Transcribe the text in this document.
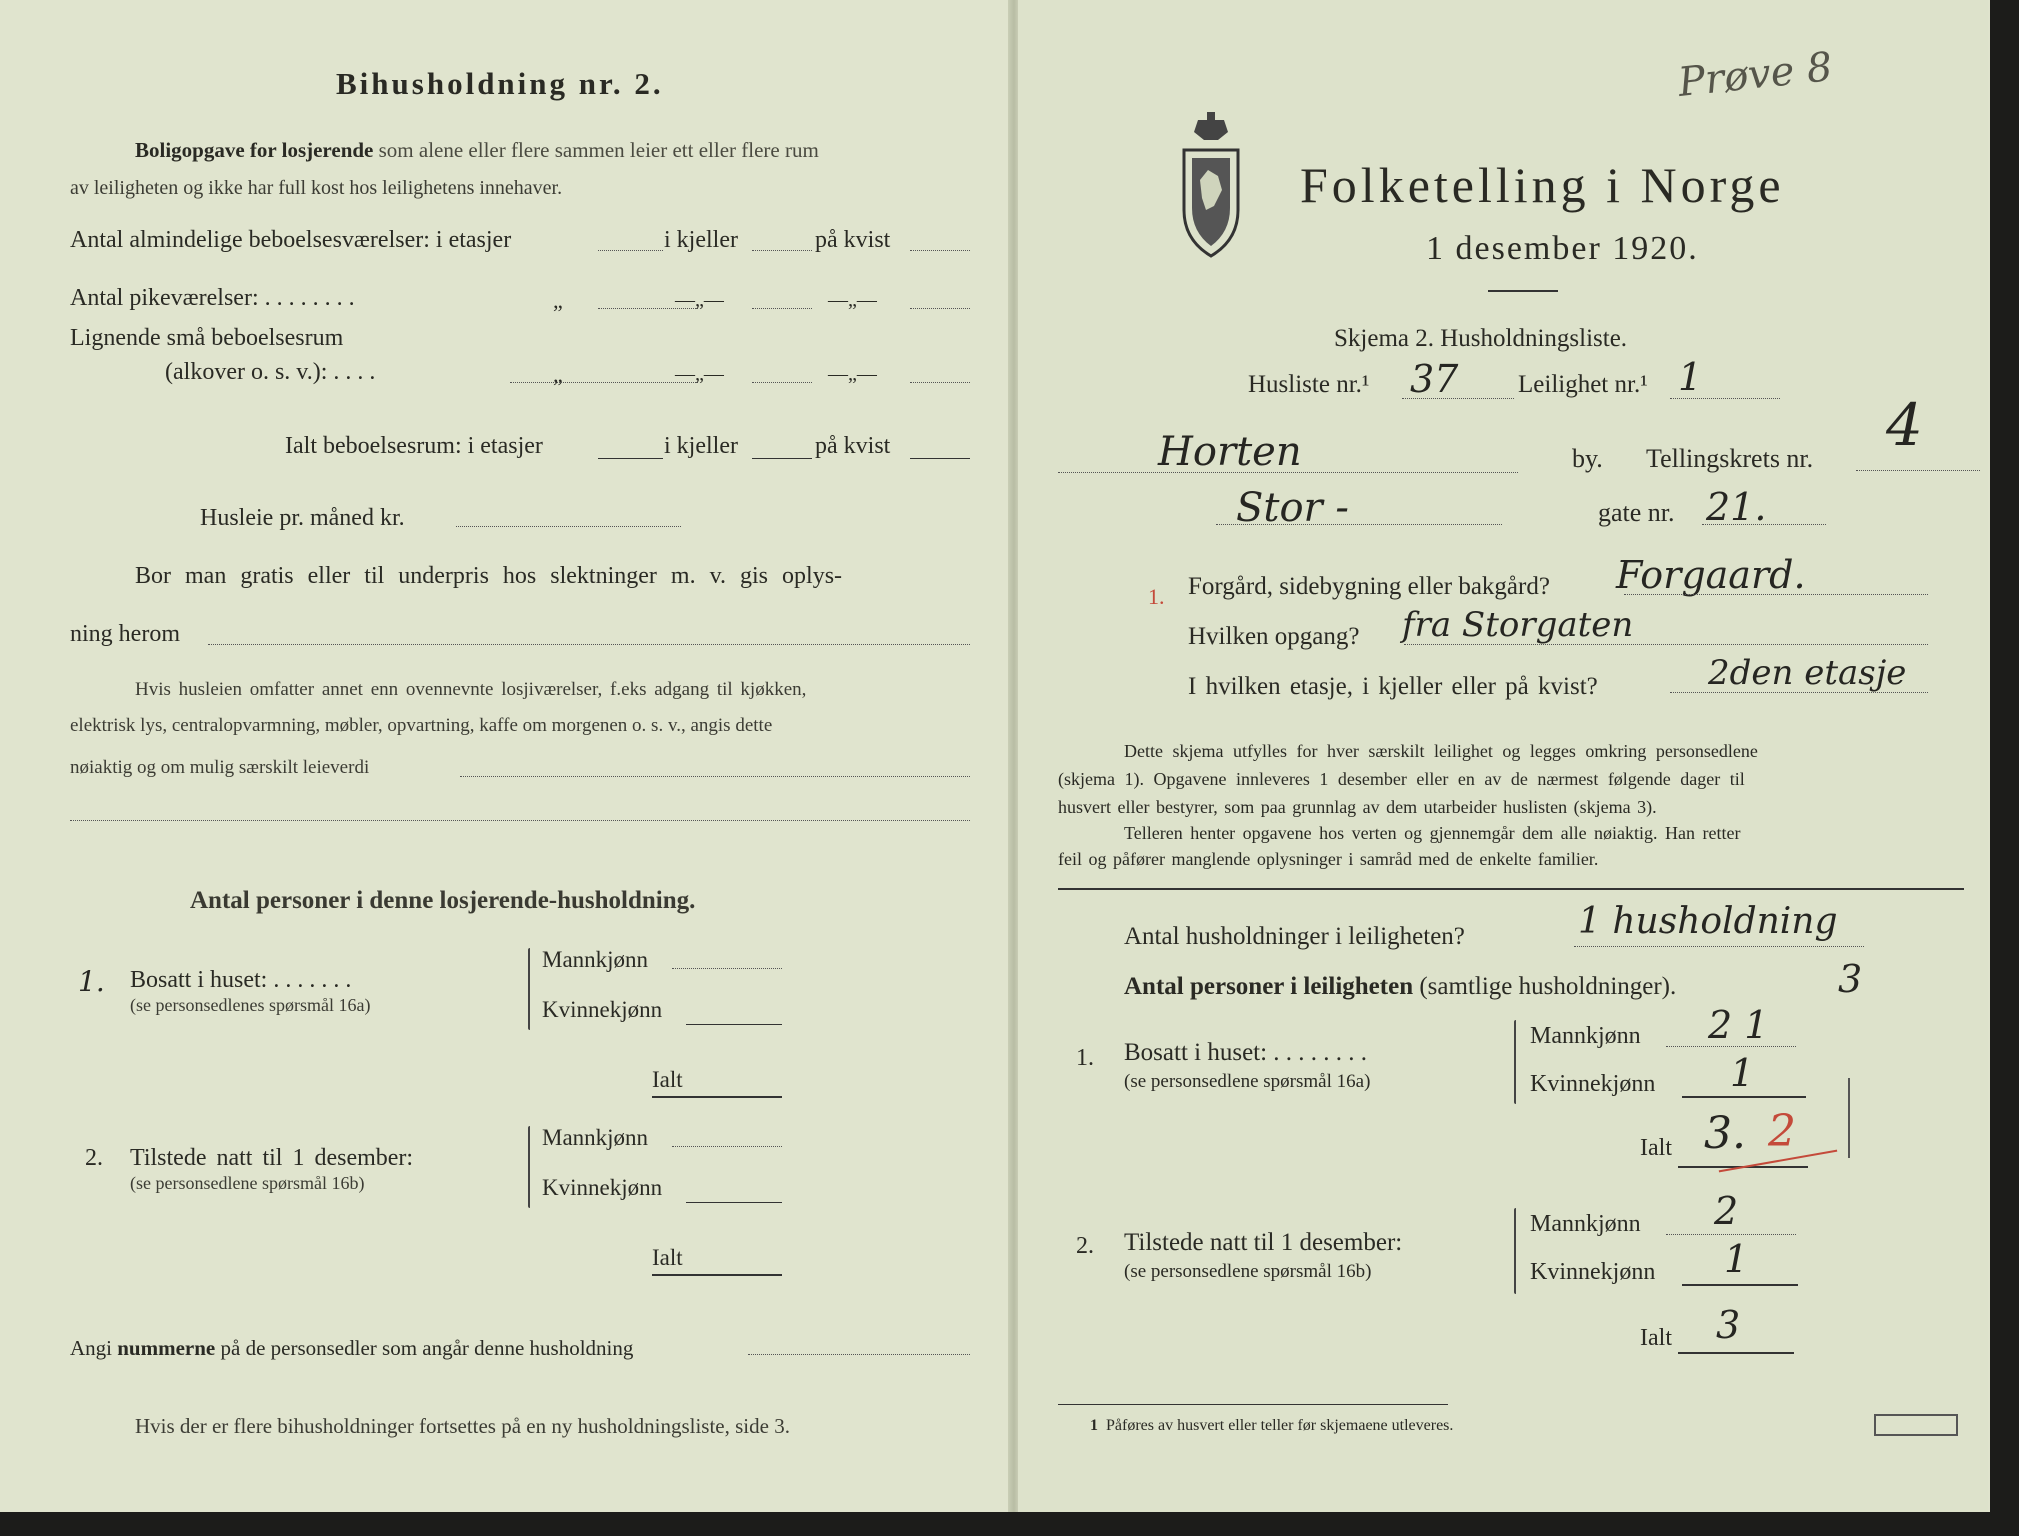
Bihusholdning nr. 2.
Boligopgave for losjerende som alene eller flere sammen leier ett eller flere rum
av leiligheten og ikke har full kost hos leilighetens innehaver.
Antal almindelige beboelsesværelser: i etasjer	i kjeller	på kvist
Antal pikeværelser: . . . . . . . .	„	—„—	—„—
Lignende små beboelsesrum
(alkover o. s. v.): . . . .	„	—„—	—„—
Ialt beboelsesrum: i etasjer	i kjeller	på kvist
Husleie pr. måned kr.
Bor man gratis eller til underpris hos slektninger m. v. gis oplys-
ning herom
Hvis husleien omfatter annet enn ovennevnte losjiværelser, f.eks adgang til kjøkken,
elektrisk lys, centralopvarmning, møbler, opvartning, kaffe om morgenen o. s. v., angis dette
nøiaktig og om mulig særskilt leieverdi
Antal personer i denne losjerende-husholdning.
1. Bosatt i huset: . . . . . . .
(se personsedlenes spørsmål 16a)
Mannkjønn
Kvinnekjønn
Ialt
2. Tilstede natt til 1 desember:
(se personsedlene spørsmål 16b)
Mannkjønn
Kvinnekjønn
Ialt
Angi nummerne på de personsedler som angår denne husholdning
Hvis der er flere bihusholdninger fortsettes på en ny husholdningsliste, side 3.
Prøve 8
Folketelling i Norge
1 desember 1920.
Skjema 2. Husholdningsliste.
Husliste nr.¹ 37 Leilighet nr.¹ 1
Horten	by. Tellingskrets nr. 4
Stor -	gate nr. 21.
1. Forgård, sidebygning eller bakgård? Forgaard.
Hvilken opgang? fra Storgaten
I hvilken etasje, i kjeller eller på kvist?	2den etasje
Dette skjema utfylles for hver særskilt leilighet og legges omkring personsedlene
(skjema 1). Opgavene innleveres 1 desember eller en av de nærmest følgende dager til
husvert eller bestyrer, som paa grunnlag av dem utarbeider huslisten (skjema 3).
Telleren henter opgavene hos verten og gjennemgår dem alle nøiaktig. Han retter
feil og påfører manglende oplysninger i samråd med de enkelte familier.
Antal husholdninger i leiligheten?	1 husholdning
Antal personer i leiligheten (samtlige husholdninger).	3
1. Bosatt i huset: . . . . . . . .
(se personsedlene spørsmål 16a)
Mannkjønn 2 1
Kvinnekjønn 1
Ialt 3. 2
2. Tilstede natt til 1 desember:
(se personsedlene spørsmål 16b)
Mannkjønn 2
Kvinnekjønn 1
Ialt 3
1 Påføres av husvert eller teller før skjemaene utleveres.
